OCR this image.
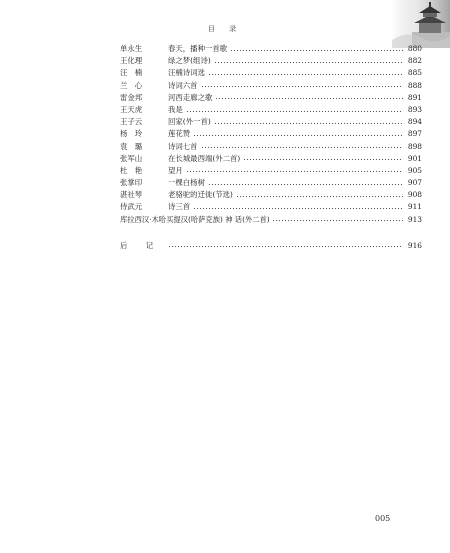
目 录
单永生	春天，播种一首歌	880
王化理	绿之梦(组诗)	882
汪　楠	汪楠诗词选	885
兰　心	诗词六首	888
雷金邦	河西走廊之歌	891
王天虎	我是	893
王子云	回家(外一首)	894
杨　玲	莲花赞	897
袁　璐	诗词七首	898
张军山	在长城最西端(外二首)	901
杜　艳	望月	905
张掌印	一棵白杨树	907
湛社琴	老骆驼的迁徙(节选)	908
侍武元	诗三首	911
库拉西汉·木哈买提汉(哈萨克族) 神 话(外二首)	913
后 记	916
005
